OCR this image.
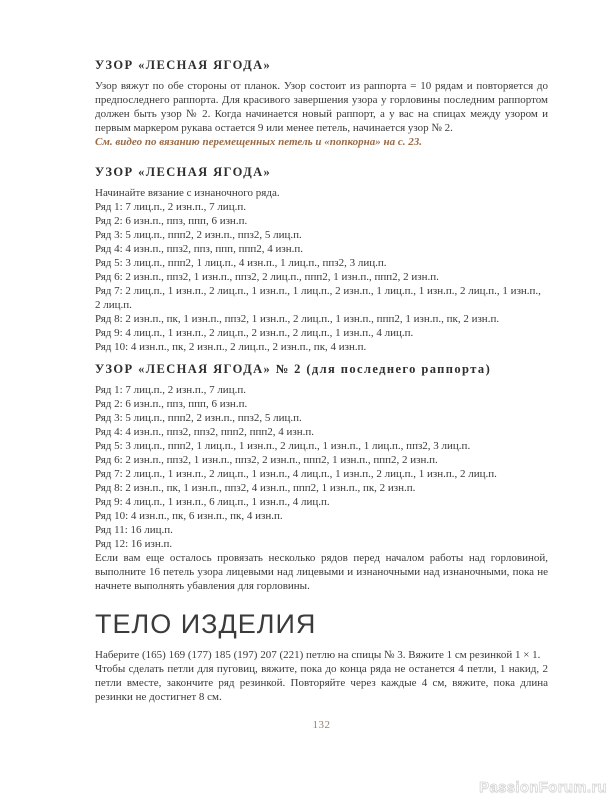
УЗОР «ЛЕСНАЯ ЯГОДА»

Узор вяжут по обе стороны от планок. Узор состоит из раппорта = 10 рядам и повторяется до предпоследнего раппорта. Для красивого завершения узора у горловины последним раппортом должен быть узор № 2. Когда начинается новый раппорт, а у вас на спицах между узором и первым маркером рукава остается 9 или менее петель, начинается узор № 2.

См. видео по вязанию перемещенных петель и «попкорна» на с. 23.

УЗОР «ЛЕСНАЯ ЯГОДА»

Начинайте вязание с изнаночного ряда.

Ряд 1: 7 лиц.п., 2 изн.п., 7 лиц.п.

Ряд 2: 6 изн.п., ппз, ппп, 6 изн.п.

Ряд 3: 5 лиц.п., ппп2, 2 изн.п., ппз2, 5 лиц.п.

Ряд 4: 4 изн.п., ппз2, ппз, ппп, ппп2, 4 изн.п.

Ряд 5: 3 лиц.п., ппп2, 1 лиц.п., 4 изн.п., 1 лиц.п., ппз2, 3 лиц.п.

Ряд 6: 2 изн.п., ппз2, 1 изн.п., ппз2, 2 лиц.п., ппп2, 1 изн.п., ппп2, 2 изн.п.

Ряд 7: 2 лиц.п., 1 изн.п., 2 лиц.п., 1 изн.п., 1 лиц.п., 2 изн.п., 1 лиц.п., 1 изн.п., 2 лиц.п., 1 изн.п., 2 лиц.п.

Ряд 8: 2 изн.п., пк, 1 изн.п., ппз2, 1 изн.п., 2 лиц.п., 1 изн.п., ппп2, 1 изн.п., пк, 2 изн.п.

Ряд 9: 4 лиц.п., 1 изн.п., 2 лиц.п., 2 изн.п., 2 лиц.п., 1 изн.п., 4 лиц.п.

Ряд 10: 4 изн.п., пк, 2 изн.п., 2 лиц.п., 2 изн.п., пк, 4 изн.п.

УЗОР «ЛЕСНАЯ ЯГОДА» № 2 (для последнего раппорта)

Ряд 1: 7 лиц.п., 2 изн.п., 7 лиц.п.

Ряд 2: 6 изн.п., ппз, ппп, 6 изн.п.

Ряд 3: 5 лиц.п., ппп2, 2 изн.п., ппз2, 5 лиц.п.

Ряд 4: 4 изн.п., ппз2, ппз2, ппп2, ппп2, 4 изн.п.

Ряд 5: 3 лиц.п., ппп2, 1 лиц.п., 1 изн.п., 2 лиц.п., 1 изн.п., 1 лиц.п., ппз2, 3 лиц.п.

Ряд 6: 2 изн.п., ппз2, 1 изн.п., ппз2, 2 изн.п., ппп2, 1 изн.п., ппп2, 2 изн.п.

Ряд 7: 2 лиц.п., 1 изн.п., 2 лиц.п., 1 изн.п., 4 лиц.п., 1 изн.п., 2 лиц.п., 1 изн.п., 2 лиц.п.

Ряд 8: 2 изн.п., пк, 1 изн.п., ппз2, 4 изн.п., ппп2, 1 изн.п., пк, 2 изн.п.

Ряд 9: 4 лиц.п., 1 изн.п., 6 лиц.п., 1 изн.п., 4 лиц.п.

Ряд 10: 4 изн.п., пк, 6 изн.п., пк, 4 изн.п.

Ряд 11: 16 лиц.п.

Ряд 12: 16 изн.п.

Если вам еще осталось провязать несколько рядов перед началом работы над горловиной, выполните 16 петель узора лицевыми над лицевыми и изнаночными над изнаночными, пока не начнете выполнять убавления для горловины.

ТЕЛО ИЗДЕЛИЯ

Наберите (165) 169 (177) 185 (197) 207 (221) петлю на спицы № 3. Вяжите 1 см резинкой 1 × 1.

Чтобы сделать петли для пуговиц, вяжите, пока до конца ряда не останется 4 петли, 1 накид, 2 петли вместе, закончите ряд резинкой. Повторяйте через каждые 4 см, вяжите, пока длина резинки не достигнет 8 см.

132
PassionForum.ru
